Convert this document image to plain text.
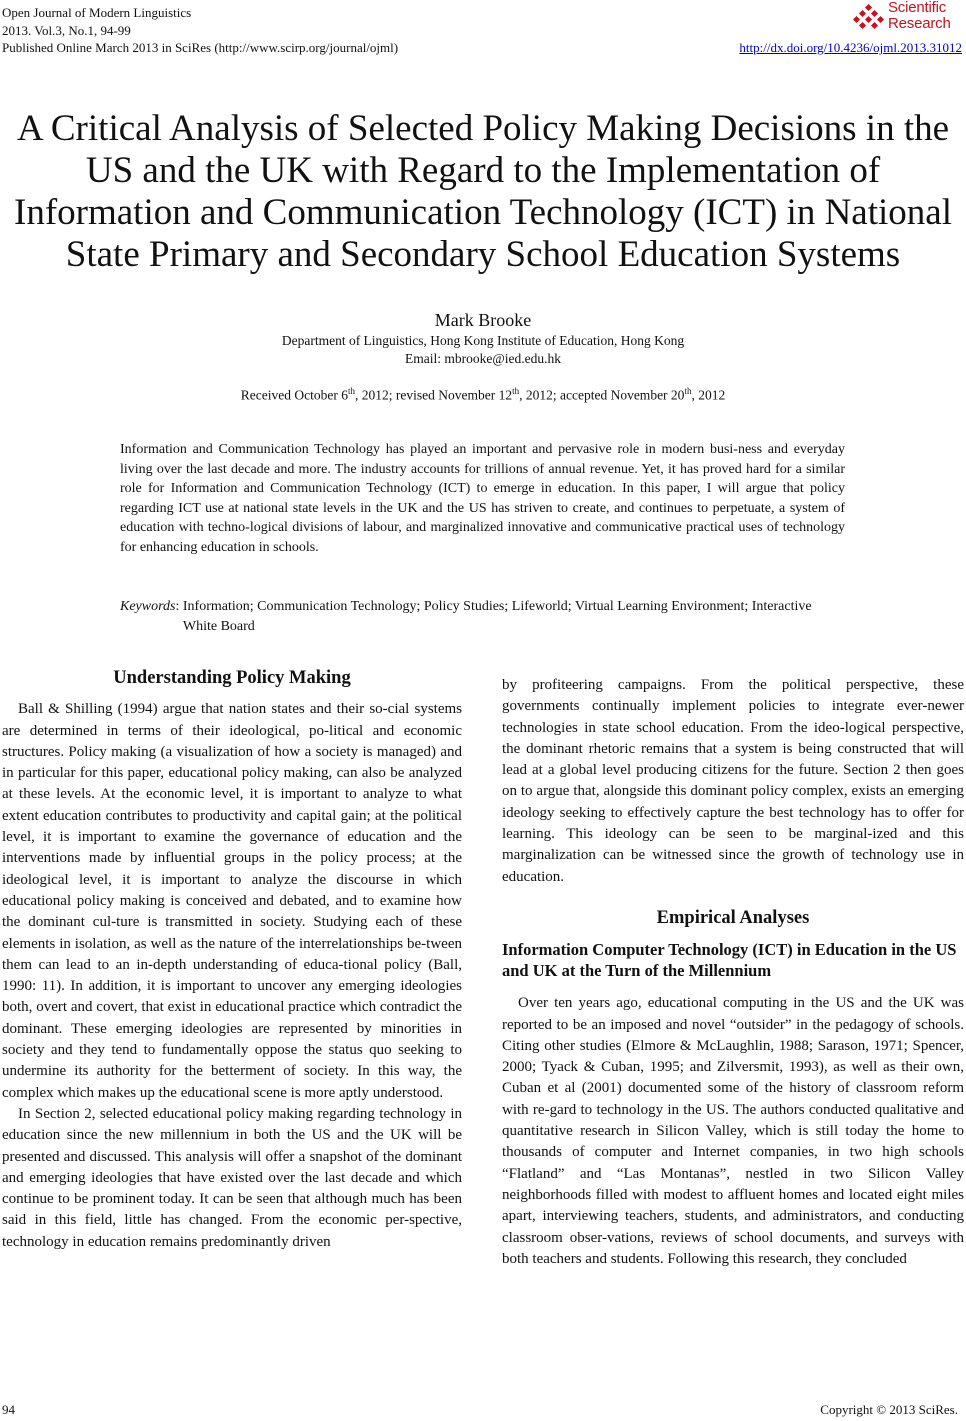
Open Journal of Modern Linguistics
2013. Vol.3, No.1, 94-99
Published Online March 2013 in SciRes (http://www.scirp.org/journal/ojml)
Scientific
Research
http://dx.doi.org/10.4236/ojml.2013.31012
A Critical Analysis of Selected Policy Making Decisions in the US and the UK with Regard to the Implementation of Information and Communication Technology (ICT) in National State Primary and Secondary School Education Systems
Mark Brooke
Department of Linguistics, Hong Kong Institute of Education, Hong Kong
Email: mbrooke@ied.edu.hk
Received October 6th, 2012; revised November 12th, 2012; accepted November 20th, 2012
Information and Communication Technology has played an important and pervasive role in modern busi-ness and everyday living over the last decade and more. The industry accounts for trillions of annual revenue. Yet, it has proved hard for a similar role for Information and Communication Technology (ICT) to emerge in education. In this paper, I will argue that policy regarding ICT use at national state levels in the UK and the US has striven to create, and continues to perpetuate, a system of education with techno-logical divisions of labour, and marginalized innovative and communicative practical uses of technology for enhancing education in schools.
Keywords: Information; Communication Technology; Policy Studies; Lifeworld; Virtual Learning Environment; Interactive White Board
Understanding Policy Making

Ball & Shilling (1994) argue that nation states and their so-cial systems are determined in terms of their ideological, po-litical and economic structures. Policy making (a visualization of how a society is managed) and in particular for this paper, educational policy making, can also be analyzed at these levels. At the economic level, it is important to analyze to what extent education contributes to productivity and capital gain; at the political level, it is important to examine the governance of education and the interventions made by influential groups in the policy process; at the ideological level, it is important to analyze the discourse in which educational policy making is conceived and debated, and to examine how the dominant cul-ture is transmitted in society. Studying each of these elements in isolation, as well as the nature of the interrelationships be-tween them can lead to an in-depth understanding of educa-tional policy (Ball, 1990: 11). In addition, it is important to uncover any emerging ideologies both, overt and covert, that exist in educational practice which contradict the dominant. These emerging ideologies are represented by minorities in society and they tend to fundamentally oppose the status quo seeking to undermine its authority for the betterment of society. In this way, the complex which makes up the educational scene is more aptly understood.

In Section 2, selected educational policy making regarding technology in education since the new millennium in both the US and the UK will be presented and discussed. This analysis will offer a snapshot of the dominant and emerging ideologies that have existed over the last decade and which continue to be prominent today. It can be seen that although much has been said in this field, little has changed. From the economic per-spective, technology in education remains predominantly driven

by profiteering campaigns. From the political perspective, these governments continually implement policies to integrate ever-newer technologies in state school education. From the ideo-logical perspective, the dominant rhetoric remains that a system is being constructed that will lead at a global level producing citizens for the future. Section 2 then goes on to argue that, alongside this dominant policy complex, exists an emerging ideology seeking to effectively capture the best technology has to offer for learning. This ideology can be seen to be marginal-ized and this marginalization can be witnessed since the growth of technology use in education.

Empirical Analyses
Information Computer Technology (ICT) in Education in the US and UK at the Turn of the Millennium

Over ten years ago, educational computing in the US and the UK was reported to be an imposed and novel “outsider” in the pedagogy of schools. Citing other studies (Elmore & McLaughlin, 1988; Sarason, 1971; Spencer, 2000; Tyack & Cuban, 1995; and Zilversmit, 1993), as well as their own, Cuban et al (2001) documented some of the history of classroom reform with re-gard to technology in the US. The authors conducted qualitative and quantitative research in Silicon Valley, which is still today the home to thousands of computer and Internet companies, in two high schools “Flatland” and “Las Montanas”, nestled in two Silicon Valley neighborhoods filled with modest to affluent homes and located eight miles apart, interviewing teachers, students, and administrators, and conducting classroom obser-vations, reviews of school documents, and surveys with both teachers and students. Following this research, they concluded

94	Copyright © 2013 SciRes.
